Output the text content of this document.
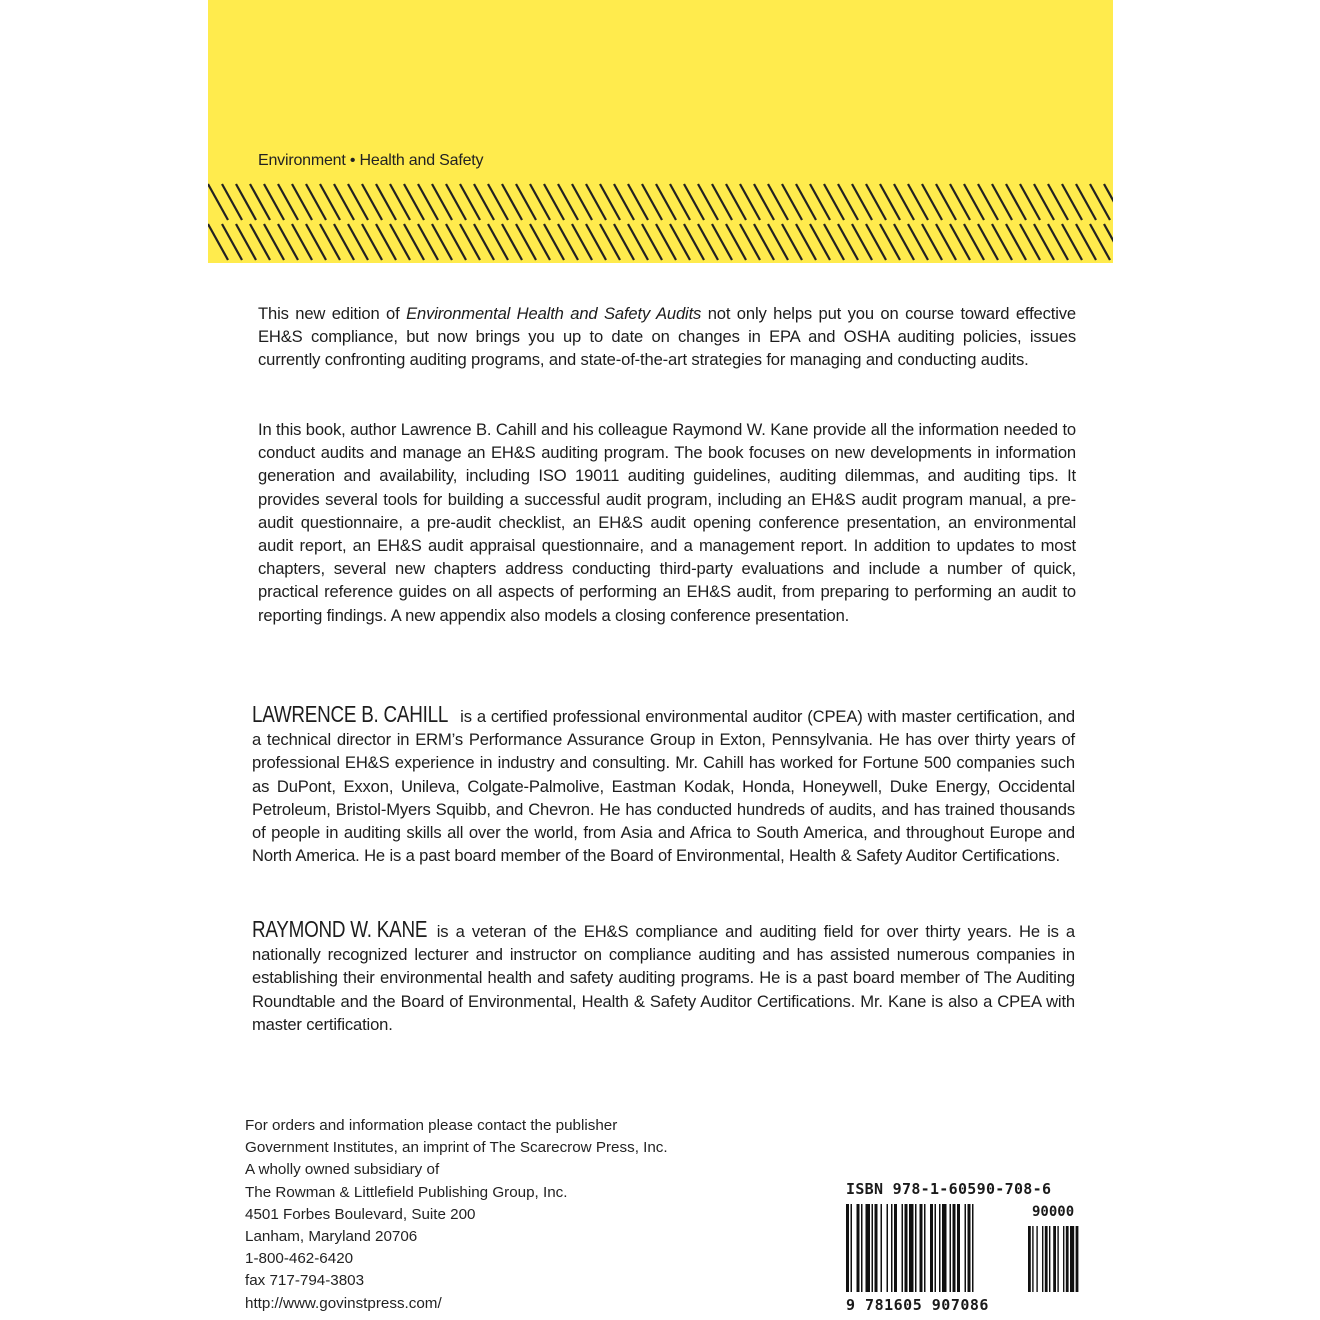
Environment • Health and Safety

This new edition of Environmental Health and Safety Audits not only helps put you on course toward effective EH&S compliance, but now brings you up to date on changes in EPA and OSHA auditing policies, issues currently confronting auditing programs, and state-of-the-art strategies for managing and conducting audits.

In this book, author Lawrence B. Cahill and his colleague Raymond W. Kane provide all the information needed to conduct audits and manage an EH&S auditing program. The book focuses on new developments in information generation and availability, including ISO 19011 auditing guidelines, auditing dilemmas, and auditing tips. It provides several tools for building a successful audit program, including an EH&S audit program manual, a pre-audit questionnaire, a pre-audit checklist, an EH&S audit opening conference presentation, an environmental audit report, an EH&S audit appraisal questionnaire, and a management report. In addition to updates to most chapters, several new chapters address conducting third-party evaluations and include a number of quick, practical reference guides on all aspects of performing an EH&S audit, from preparing to performing an audit to reporting findings. A new appendix also models a closing conference presentation.

LAWRENCE B. CAHILL is a certified professional environmental auditor (CPEA) with master certification, and a technical director in ERM’s Performance Assurance Group in Exton, Pennsylvania. He has over thirty years of professional EH&S experience in industry and consulting. Mr. Cahill has worked for Fortune 500 companies such as DuPont, Exxon, Unileva, Colgate-Palmolive, Eastman Kodak, Honda, Honeywell, Duke Energy, Occidental Petroleum, Bristol-Myers Squibb, and Chevron. He has conducted hundreds of audits, and has trained thousands of people in auditing skills all over the world, from Asia and Africa to South America, and throughout Europe and North America. He is a past board member of the Board of Environmental, Health & Safety Auditor Certifications.

RAYMOND W. KANE is a veteran of the EH&S compliance and auditing field for over thirty years. He is a nationally recognized lecturer and instructor on compliance auditing and has assisted numerous companies in establishing their environmental health and safety auditing programs. He is a past board member of The Auditing Roundtable and the Board of Environmental, Health & Safety Auditor Certifications. Mr. Kane is also a CPEA with master certification.

For orders and information please contact the publisher
Government Institutes, an imprint of The Scarecrow Press, Inc.
A wholly owned subsidiary of
The Rowman & Littlefield Publishing Group, Inc.
4501 Forbes Boulevard, Suite 200
Lanham, Maryland 20706
1-800-462-6420
fax 717-794-3803
http://www.govinstpress.com/
ISBN 978-1-60590-708-6
90000
9 781605 907086
